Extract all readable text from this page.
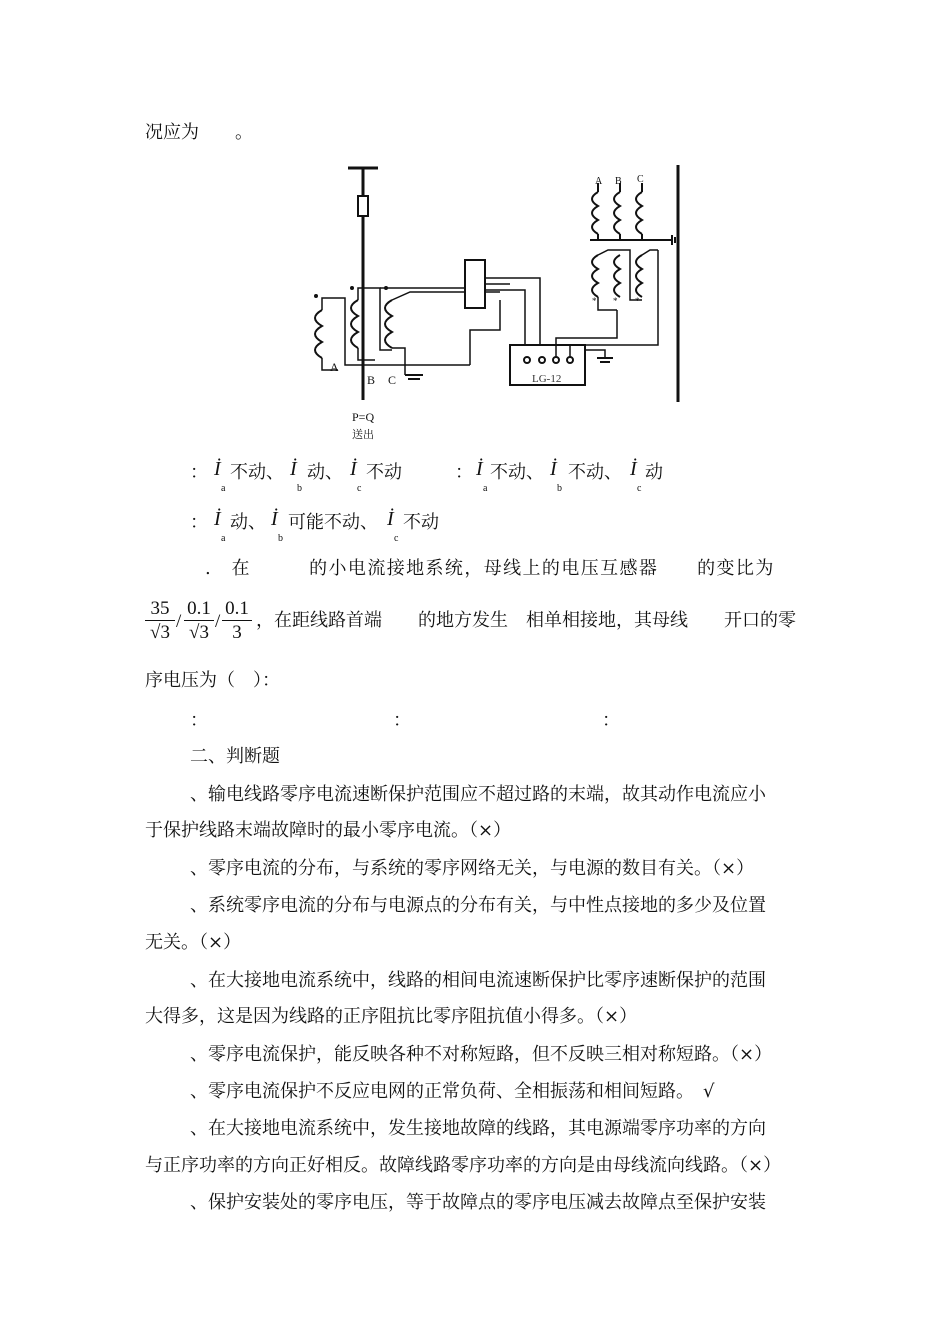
况应为　　。
A
B C
A B C
* * *
LG-12
P=Q
送出
： İ
a
不动、 İ
b
动、 İ
c
不动	： İ
a
不动、 İ
b
不动、 İ
c
动
： İ
a
动、 İ
b
可能不动、 İ
c
不动
.　在　　　的小电流接地系统，母线上的电压互感器　　的变比为
$\frac{35}{√3} / \frac{0.1}{√3} / \frac{0.1}{3}$ ，在距线路首端　　的地方发生　相单相接地，其母线　　开口的零
序电压为（　）：
：	：	：
二、判断题
、输电线路零序电流速断保护范围应不超过路的末端，故其动作电流应小
于保护线路末端故障时的最小零序电流。（×）
、零序电流的分布，与系统的零序网络无关，与电源的数目有关。（×）
、系统零序电流的分布与电源点的分布有关，与中性点接地的多少及位置
无关。（×）
、在大接地电流系统中，线路的相间电流速断保护比零序速断保护的范围
大得多，这是因为线路的正序阻抗比零序阻抗值小得多。（×）
、零序电流保护，能反映各种不对称短路，但不反映三相对称短路。（×）
、零序电流保护不反应电网的正常负荷、全相振荡和相间短路。　√
、在大接地电流系统中，发生接地故障的线路，其电源端零序功率的方向
与正序功率的方向正好相反。故障线路零序功率的方向是由母线流向线路。（×）
、保护安装处的零序电压，等于故障点的零序电压减去故障点至保护安装
